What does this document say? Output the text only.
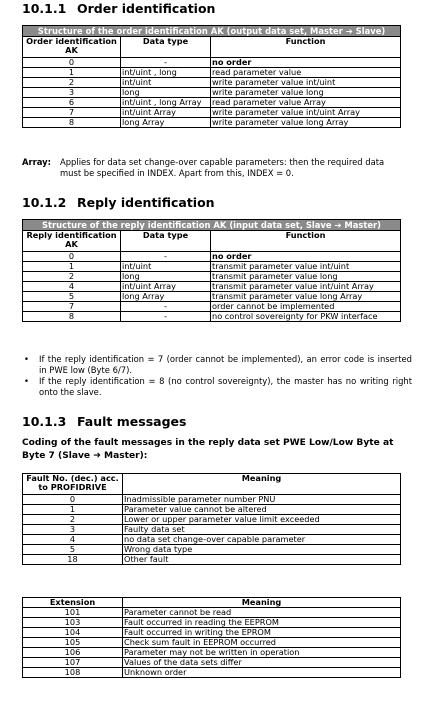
10.1.1 Order identification
Structure of the order identification AK (output data set, Master ➔ Slave)		
Order identification AK	Data type	Function
0	-	no order
1	int/uint , long	read parameter value
2	int/uint	write parameter value int/uint
3	long	write parameter value long
6	int/uint , long Array	read parameter value Array
7	int/uint Array	write parameter value int/uint Array
8	long Array	write parameter value long Array
Array: Applies for data set change-over capable parameters: then the required data
must be specified in INDEX. Apart from this, INDEX = 0.
10.1.2 Reply identification
Structure of the reply identification AK (input data set, Slave ➔ Master)		
Reply identification AK	Data type	Function
0	-	no order
1	int/uint	transmit parameter value int/uint
2	long	transmit parameter value long
4	int/uint Array	transmit parameter value int/uint Array
5	long Array	transmit parameter value long Array
7	-	order cannot be implemented
8	-	no control sovereignty for PKW interface
• If the reply identification = 7 (order cannot be implemented), an error code is inserted in PWE low (Byte 6/7).
• If the reply identification = 8 (no control sovereignty), the master has no writing right onto the slave.
10.1.3 Fault messages
Coding of the fault messages in the reply data set PWE Low/Low Byte at Byte 7 (Slave ➔ Master):
Fault No. (dec.) acc. to PROFIDRIVE	Meaning
0	Inadmissible parameter number PNU
1	Parameter value cannot be altered
2	Lower or upper parameter value limit exceeded
3	Faulty data set
4	no data set change-over capable parameter
5	Wrong data type
18	Other fault
Extension	Meaning
101	Parameter cannot be read
103	Fault occurred in reading the EEPROM
104	Fault occurred in writing the EPROM
105	Check sum fault in EEPROM occurred
106	Parameter may not be written in operation
107	Values of the data sets differ
108	Unknown order
